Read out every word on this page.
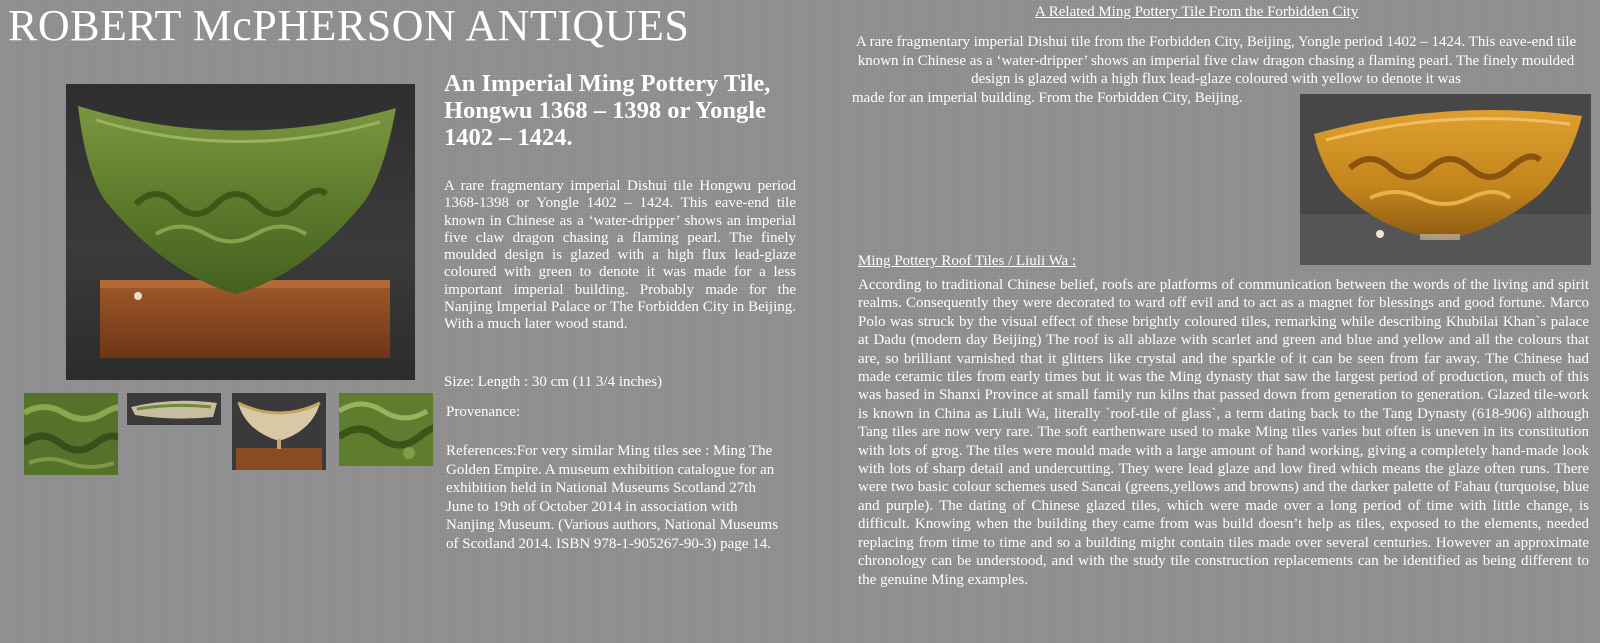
ROBERT McPHERSON ANTIQUES
An Imperial Ming Pottery Tile, Hongwu 1368 – 1398 or Yongle 1402 – 1424.
A rare fragmentary imperial Dishui tile Hongwu period 1368-1398 or Yongle 1402 – 1424. This eave-end tile known in Chinese as a ‘water-dripper’ shows an imperial five claw dragon chasing a flaming pearl. The finely moulded design is glazed with a high flux lead-glaze coloured with green to denote it was made for a less important imperial building. Probably made for the Nanjing Imperial Palace or The Forbidden City in Beijing. With a much later wood stand.
Size: Length : 30 cm (11 3/4 inches)
Provenance:
References:For very similar Ming tiles see : Ming The Golden Empire. A museum exhibition catalogue for an exhibition held in National Museums Scotland 27th June to 19th of October 2014 in association with Nanjing Museum. (Various authors, National Museums of Scotland 2014. ISBN 978-1-905267-90-3) page 14.
A Related Ming Pottery Tile From the Forbidden City
A rare fragmentary imperial Dishui tile from the Forbidden City, Beijing, Yongle period 1402 – 1424. This eave-end tile known in Chinese as a ‘water-dripper’ shows an imperial five claw dragon chasing a flaming pearl. The finely moulded design is glazed with a high flux lead-glaze coloured with yellow to denote it was
made for an imperial building. From the Forbidden City, Beijing.
Ming Pottery Roof Tiles / Liuli Wa :
According to traditional Chinese belief, roofs are platforms of communication between the words of the living and spirit realms. Consequently they were decorated to ward off evil and to act as a magnet for blessings and good fortune. Marco Polo was struck by the visual effect of these brightly coloured tiles, remarking while describing Khubilai Khan`s palace at Dadu (modern day Beijing) The roof is all ablaze with scarlet and green and blue and yellow and all the colours that are, so brilliant varnished that it glitters like crystal and the sparkle of it can be seen from far away. The Chinese had made ceramic tiles from early times but it was the Ming dynasty that saw the largest period of production, much of this was based in Shanxi Province at small family run kilns that passed down from generation to generation. Glazed tile-work is known in China as Liuli Wa, literally `roof-tile of glass`, a term dating back to the Tang Dynasty (618-906) although Tang tiles are now very rare. The soft earthenware used to make Ming tiles varies but often is uneven in its constitution with lots of grog. The tiles were mould made with a large amount of hand working, giving a completely hand-made look with lots of sharp detail and undercutting. They were lead glaze and low fired which means the glaze often runs. There were two basic colour schemes used Sancai (greens,yellows and browns) and the darker palette of Fahau (turquoise, blue and purple). The dating of Chinese glazed tiles, which were made over a long period of time with little change, is difficult. Knowing when the building they came from was build doesn’t help as tiles, exposed to the elements, needed replacing from time to time and so a building might contain tiles made over several centuries. However an approximate chronology can be understood, and with the study tile construction replacements can be identified as being different to the genuine Ming examples.
